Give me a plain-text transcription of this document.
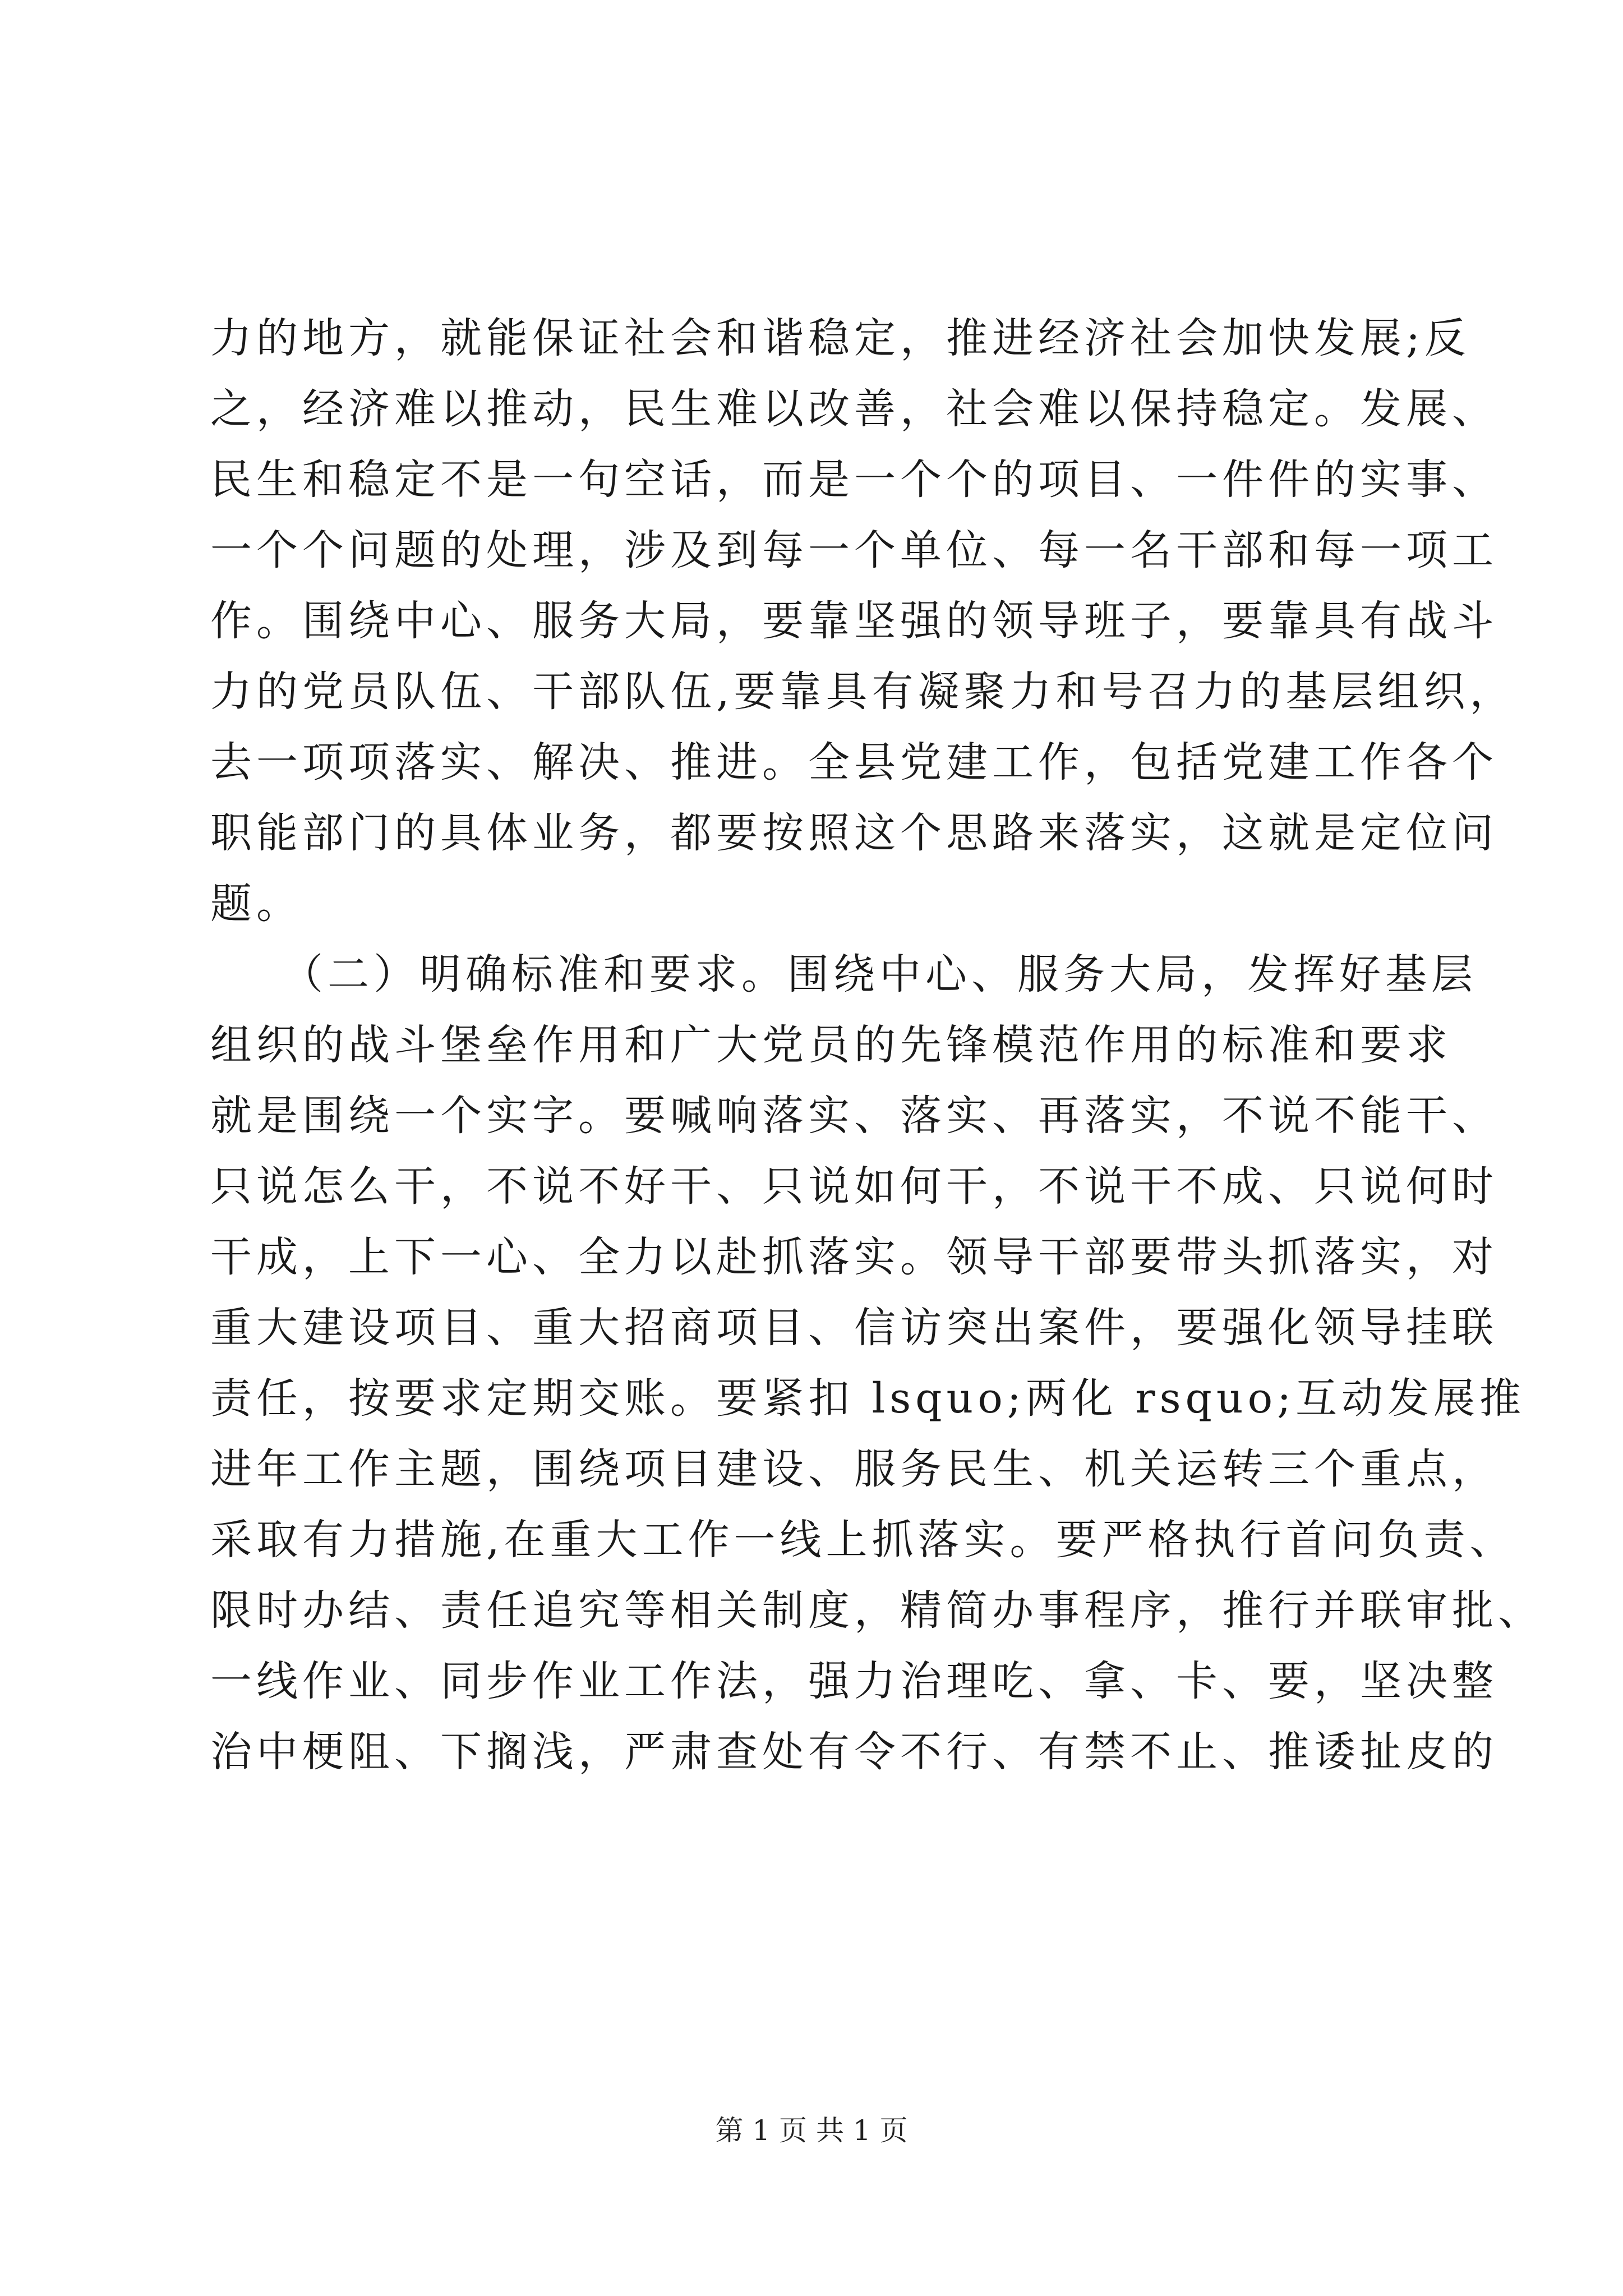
力的地方，就能保证社会和谐稳定，推进经济社会加快发展;反
之，经济难以推动，民生难以改善，社会难以保持稳定。发展、
民生和稳定不是一句空话，而是一个个的项目、一件件的实事、
一个个问题的处理，涉及到每一个单位、每一名干部和每一项工
作。围绕中心、服务大局，要靠坚强的领导班子，要靠具有战斗
力的党员队伍、干部队伍,要靠具有凝聚力和号召力的基层组织，
去一项项落实、解决、推进。全县党建工作，包括党建工作各个
职能部门的具体业务，都要按照这个思路来落实，这就是定位问
题。
　　（二）明确标准和要求。围绕中心、服务大局，发挥好基层
组织的战斗堡垒作用和广大党员的先锋模范作用的标准和要求
就是围绕一个实字。要喊响落实、落实、再落实，不说不能干、
只说怎么干，不说不好干、只说如何干，不说干不成、只说何时
干成，上下一心、全力以赴抓落实。领导干部要带头抓落实，对
重大建设项目、重大招商项目、信访突出案件，要强化领导挂联
责任，按要求定期交账。要紧扣 lsquo;两化 rsquo;互动发展推
进年工作主题，围绕项目建设、服务民生、机关运转三个重点，
采取有力措施,在重大工作一线上抓落实。要严格执行首问负责、
限时办结、责任追究等相关制度，精简办事程序，推行并联审批、
一线作业、同步作业工作法，强力治理吃、拿、卡、要，坚决整
治中梗阻、下搁浅，严肃查处有令不行、有禁不止、推诿扯皮的
第 1 页 共 1 页
